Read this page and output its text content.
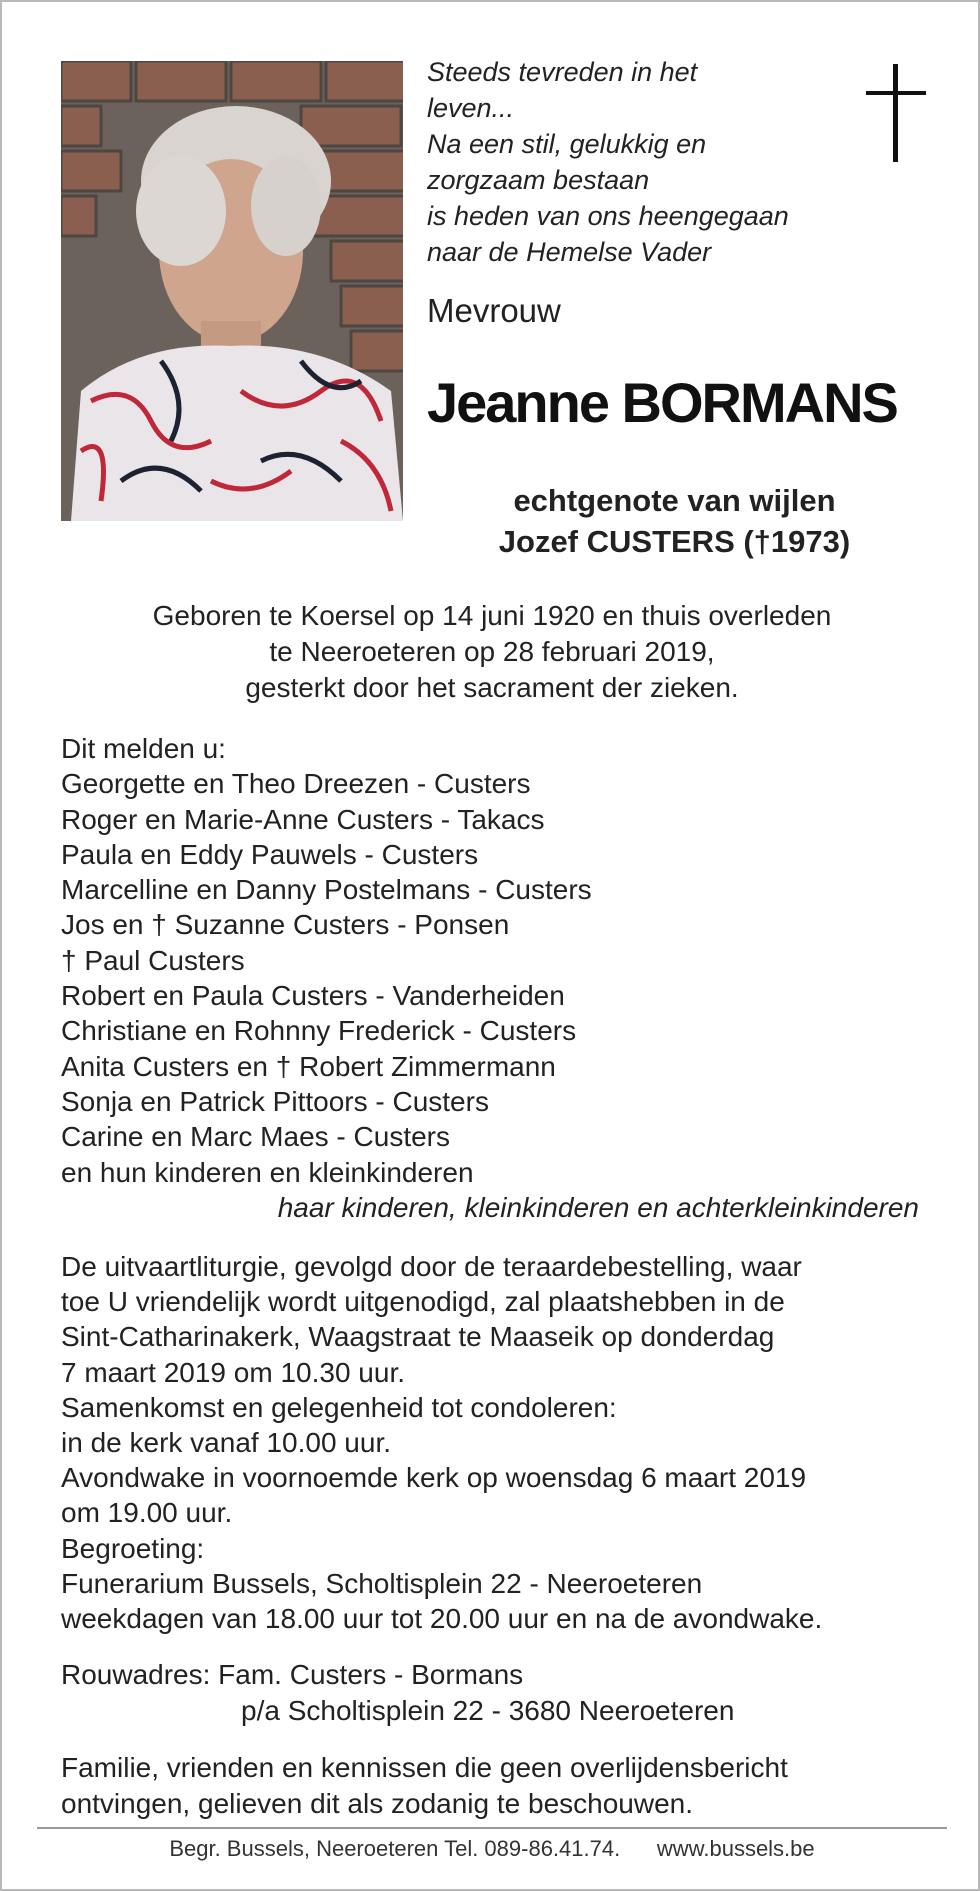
Steeds tevreden in het
leven...
Na een stil, gelukkig en
zorgzaam bestaan
is heden van ons heengegaan
naar de Hemelse Vader
Mevrouw
Jeanne BORMANS
echtgenote van wijlen
Jozef CUSTERS (†1973)
Geboren te Koersel op 14 juni 1920 en thuis overleden
te Neeroeteren op 28 februari 2019,
gesterkt door het sacrament der zieken.
Dit melden u:
Georgette en Theo Dreezen - Custers
Roger en Marie-Anne Custers - Takacs
Paula en Eddy Pauwels - Custers
Marcelline en Danny Postelmans - Custers
Jos en † Suzanne Custers - Ponsen
† Paul Custers
Robert en Paula Custers - Vanderheiden
Christiane en Rohnny Frederick - Custers
Anita Custers en † Robert Zimmermann
Sonja en Patrick Pittoors - Custers
Carine en Marc Maes - Custers
en hun kinderen en kleinkinderen
haar kinderen, kleinkinderen en achterkleinkinderen
De uitvaartliturgie, gevolgd door de teraardebestelling, waar
toe U vriendelijk wordt uitgenodigd, zal plaatshebben in de
Sint-Catharinakerk, Waagstraat te Maaseik op donderdag
7 maart 2019 om 10.30 uur.
Samenkomst en gelegenheid tot condoleren:
in de kerk vanaf 10.00 uur.
Avondwake in voornoemde kerk op woensdag 6 maart 2019
om 19.00 uur.
Begroeting:
Funerarium Bussels, Scholtisplein 22 - Neeroeteren
weekdagen van 18.00 uur tot 20.00 uur en na de avondwake.
Rouwadres: Fam. Custers - Bormans
p/a Scholtisplein 22 - 3680 Neeroeteren
Familie, vrienden en kennissen die geen overlijdensbericht
ontvingen, gelieven dit als zodanig te beschouwen.
Begr. Bussels, Neeroeteren Tel. 089-86.41.74. www.bussels.be
